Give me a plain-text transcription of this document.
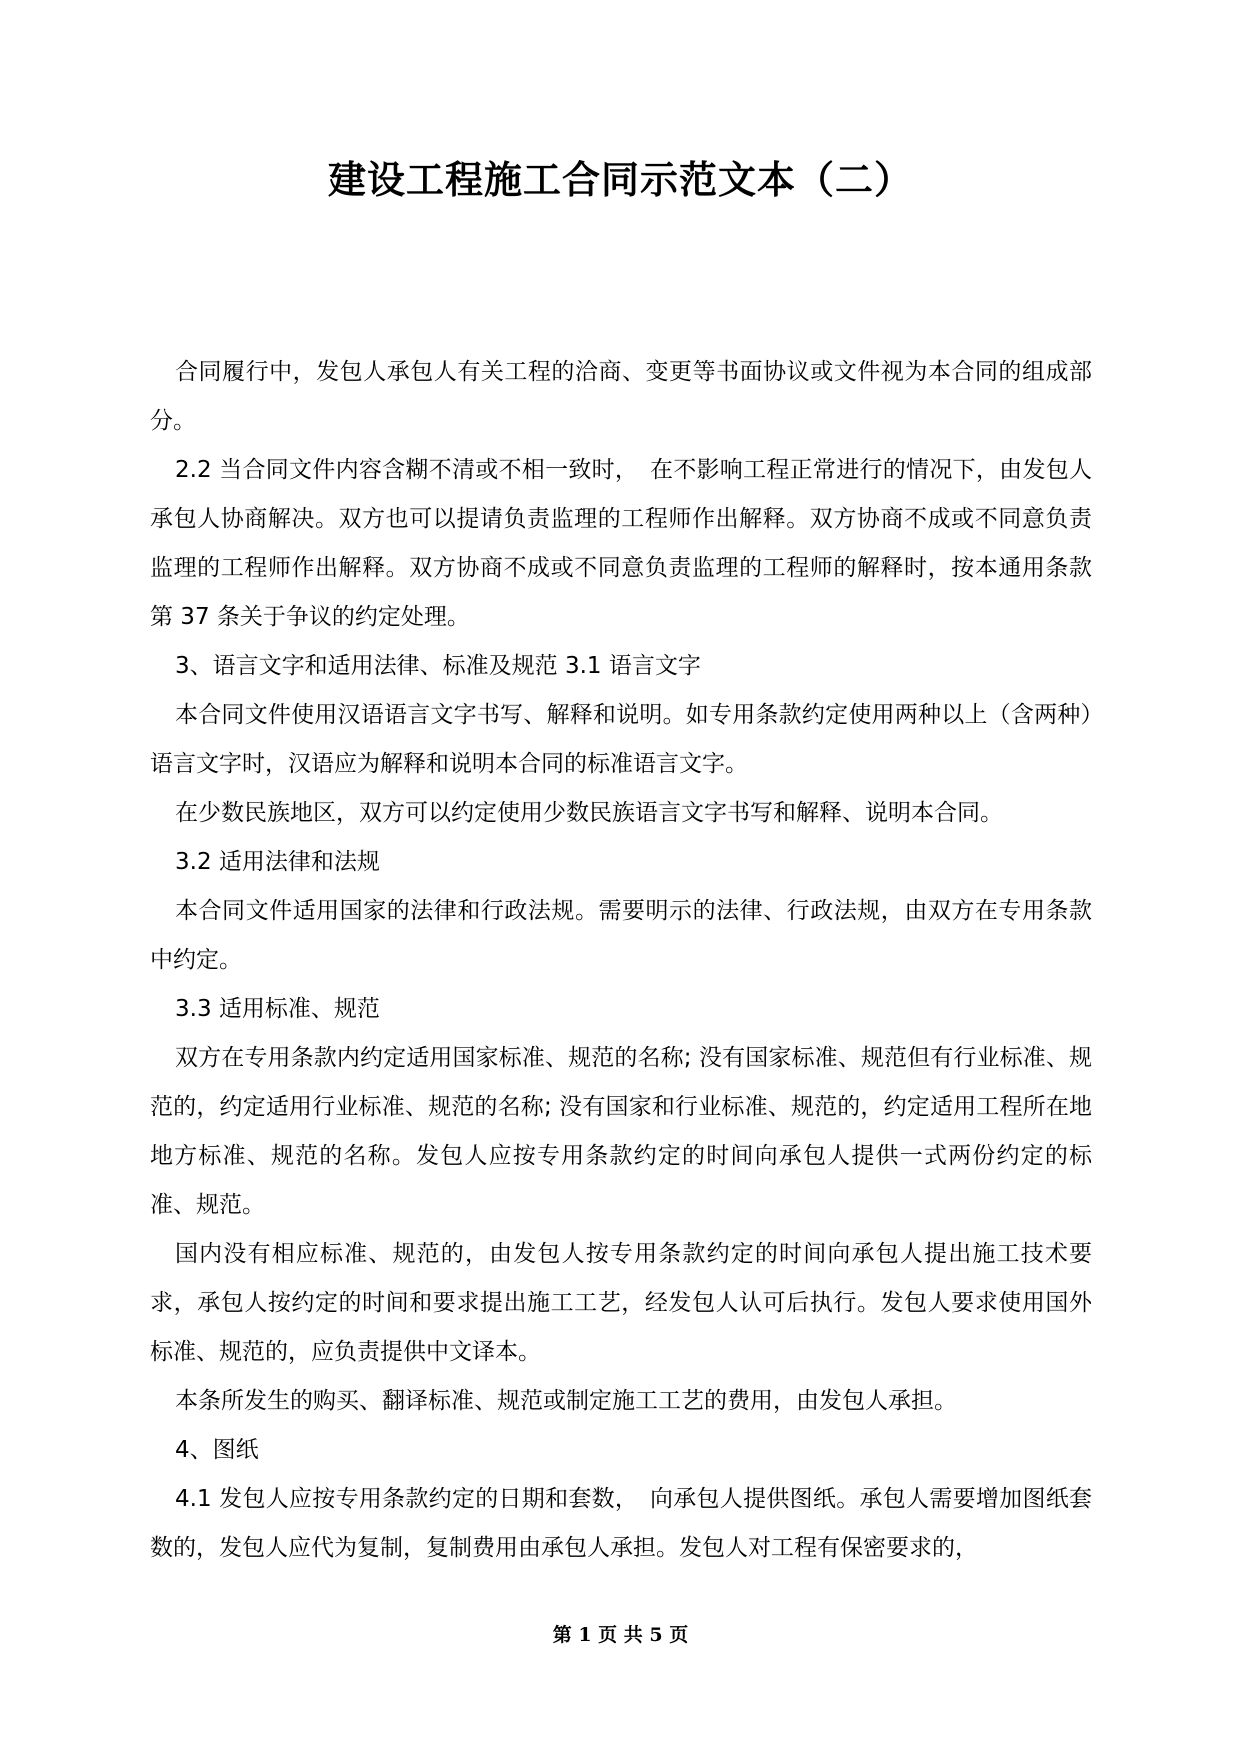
建设工程施工合同示范文本（二）

合同履行中，发包人承包人有关工程的洽商、变更等书面协议或文件视为本合同的组成部分。

2.2 当合同文件内容含糊不清或不相一致时，　在不影响工程正常进行的情况下，由发包人承包人协商解决。双方也可以提请负责监理的工程师作出解释。双方协商不成或不同意负责监理的工程师作出解释。双方协商不成或不同意负责监理的工程师的解释时，按本通用条款第 37 条关于争议的约定处理。

3、语言文字和适用法律、标准及规范 3.1 语言文字

本合同文件使用汉语语言文字书写、解释和说明。如专用条款约定使用两种以上（含两种）语言文字时，汉语应为解释和说明本合同的标准语言文字。

在少数民族地区，双方可以约定使用少数民族语言文字书写和解释、说明本合同。

3.2 适用法律和法规

本合同文件适用国家的法律和行政法规。需要明示的法律、行政法规，由双方在专用条款中约定。

3.3 适用标准、规范

双方在专用条款内约定适用国家标准、规范的名称; 没有国家标准、规范但有行业标准、规范的，约定适用行业标准、规范的名称; 没有国家和行业标准、规范的，约定适用工程所在地地方标准、规范的名称。发包人应按专用条款约定的时间向承包人提供一式两份约定的标准、规范。

国内没有相应标准、规范的，由发包人按专用条款约定的时间向承包人提出施工技术要求，承包人按约定的时间和要求提出施工工艺，经发包人认可后执行。发包人要求使用国外标准、规范的，应负责提供中文译本。

本条所发生的购买、翻译标准、规范或制定施工工艺的费用，由发包人承担。

4、图纸

4.1 发包人应按专用条款约定的日期和套数，　向承包人提供图纸。承包人需要增加图纸套数的，发包人应代为复制，复制费用由承包人承担。发包人对工程有保密要求的，

第 1 页 共 5 页
